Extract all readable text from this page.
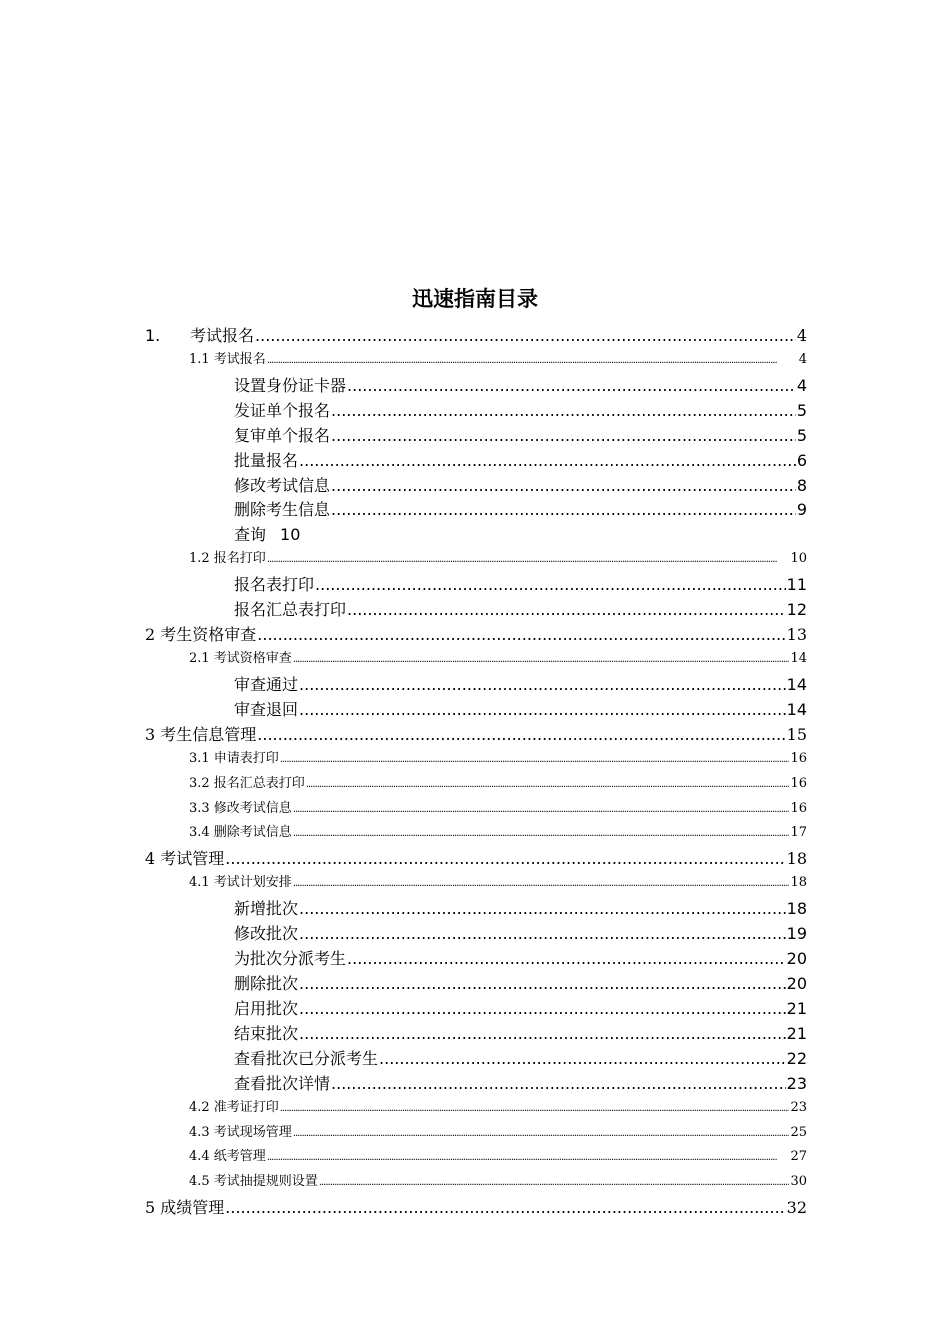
迅速指南目录
1.	考试报名 .....	4
1.1 考试报名 .....	4
设置身份证卡器 .....	4
发证单个报名 .....	5
复审单个报名 .....	5
批量报名 .....	6
修改考试信息 .....	8
删除考生信息 .....	9
查询 10
1.2 报名打印 .....	10
报名表打印 .....	11
报名汇总表打印 .....	12
2 考生资格审查 .....	13
2.1 考试资格审查 .....	14
审查通过 .....	14
审查退回 .....	14
3 考生信息管理 .....	15
3.1 申请表打印 .....	16
3.2 报名汇总表打印 .....	16
3.3 修改考试信息 .....	16
3.4 删除考试信息 .....	17
4 考试管理 .....	18
4.1 考试计划安排 .....	18
新增批次 .....	18
修改批次 .....	19
为批次分派考生 .....	20
删除批次 .....	20
启用批次 .....	21
结束批次 .....	21
查看批次已分派考生 .....	22
查看批次详情 .....	23
4.2 准考证打印 .....	23
4.3 考试现场管理 .....	25
4.4 纸考管理 .....	27
4.5 考试抽提规则设置 .....	30
5 成绩管理 .....	32
